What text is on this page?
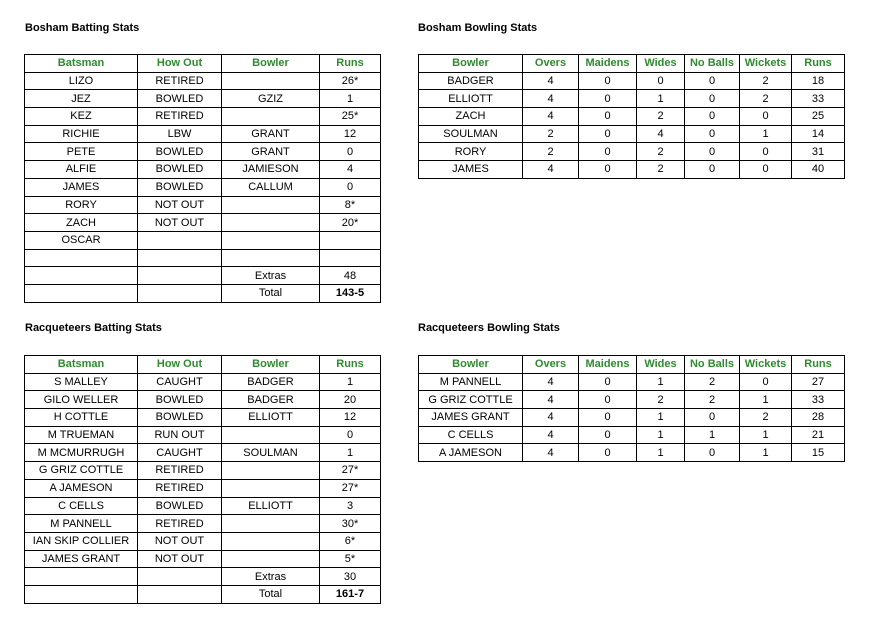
Bosham Batting Stats	Bosham Bowling Stats
Racqueteers Batting Stats	Racqueteers Bowling Stats
Batsman	How Out	Bowler	Runs
LIZO	RETIRED		26*
JEZ	BOWLED	GZIZ	1
KEZ	RETIRED		25*
RICHIE	LBW	GRANT	12
PETE	BOWLED	GRANT	0
ALFIE	BOWLED	JAMIESON	4
JAMES	BOWLED	CALLUM	0
RORY	NOT OUT		8*
ZACH	NOT OUT		20*
OSCAR			

		Extras	48
		Total	143-5
Bowler	Overs	Maidens	Wides	No Balls	Wickets	Runs
BADGER	4	0	0	0	2	18
ELLIOTT	4	0	1	0	2	33
ZACH	4	0	2	0	0	25
SOULMAN	2	0	4	0	1	14
RORY	2	0	2	0	0	31
JAMES	4	0	2	0	0	40
Batsman	How Out	Bowler	Runs
S MALLEY	CAUGHT	BADGER	1
GILO WELLER	BOWLED	BADGER	20
H COTTLE	BOWLED	ELLIOTT	12
M TRUEMAN	RUN OUT		0
M MCMURRUGH	CAUGHT	SOULMAN	1
G GRIZ COTTLE	RETIRED		27*
A JAMESON	RETIRED		27*
C CELLS	BOWLED	ELLIOTT	3
M PANNELL	RETIRED		30*
IAN SKIP COLLIER	NOT OUT		6*
JAMES GRANT	NOT OUT		5*
		Extras	30
		Total	161-7
Bowler	Overs	Maidens	Wides	No Balls	Wickets	Runs
M PANNELL	4	0	1	2	0	27
G GRIZ COTTLE	4	0	2	2	1	33
JAMES GRANT	4	0	1	0	2	28
C CELLS	4	0	1	1	1	21
A JAMESON	4	0	1	0	1	15
